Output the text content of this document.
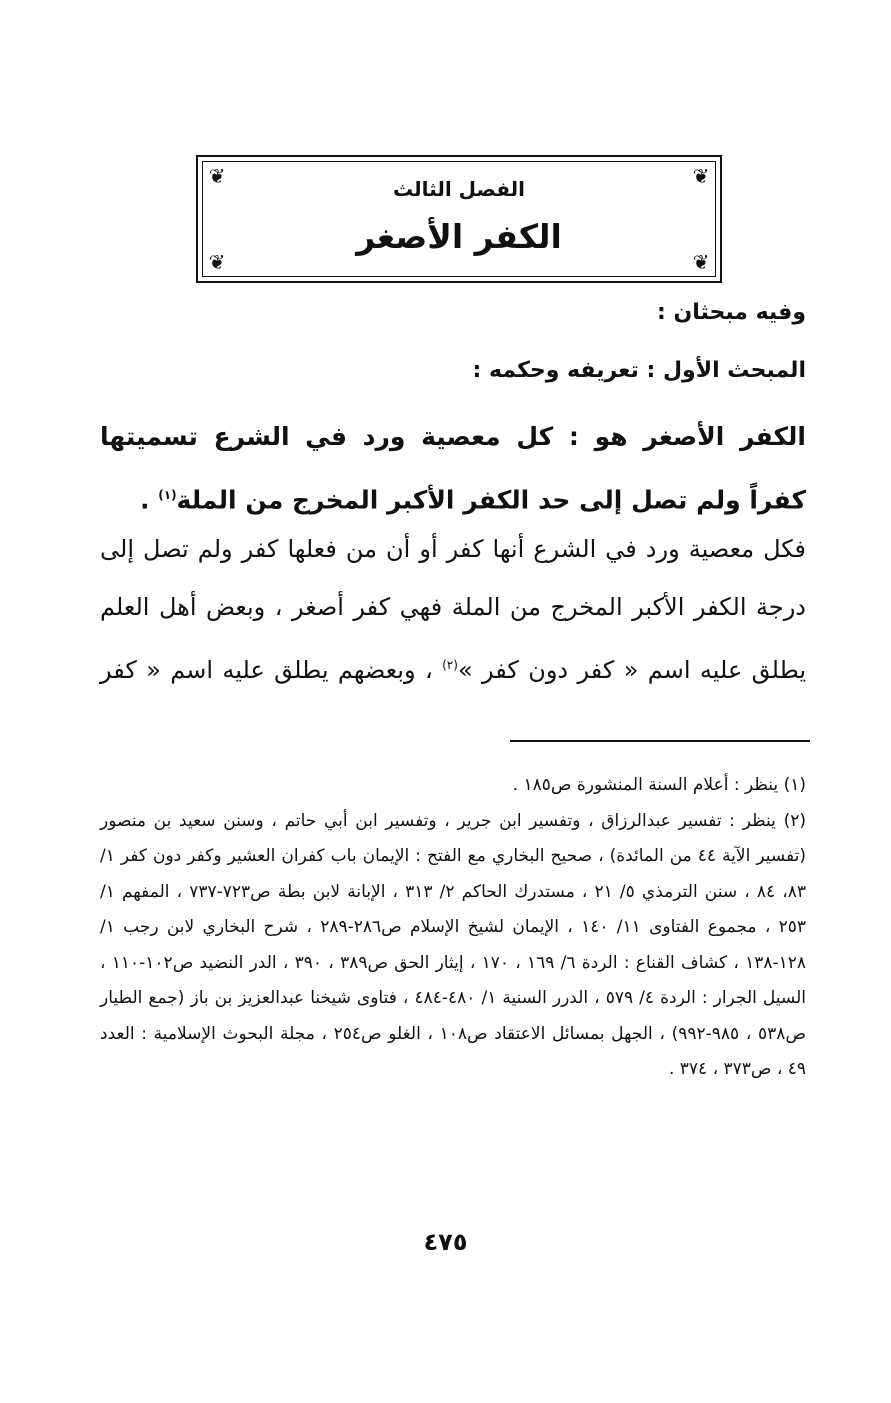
❦	❦
❦	❦
الفصل الثالث
الكفر الأصغر
وفيه مبحثان :
المبحث الأول : تعريفه وحكمه :
الكفر الأصغر هو : كل معصية ورد في الشرع تسميتها كفراً ولم تصل إلى حد الكفر الأكبر المخرج من الملة$^{(١)}$ .
فكل معصية ورد في الشرع أنها كفر أو أن من فعلها كفر ولم تصل إلى درجة الكفر الأكبر المخرج من الملة فهي كفر أصغر ، وبعض أهل العلم يطلق عليه اسم « كفر دون كفر »$^{(٢)}$ ، وبعضهم يطلق عليه اسم « كفر

(١) ينظر : أعلام السنة المنشورة ص١٨٥ .

(٢) ينظر : تفسير عبدالرزاق ، وتفسير ابن جرير ، وتفسير ابن أبي حاتم ، وسنن سعيد بن منصور (تفسير الآية ٤٤ من المائدة) ، صحيح البخاري مع الفتح : الإيمان باب كفران العشير وكفر دون كفر ١/ ٨٣، ٨٤ ، سنن الترمذي ٥/ ٢١ ، مستدرك الحاكم ٢/ ٣١٣ ، الإبانة لابن بطة ص٧٢٣-٧٣٧ ، المفهم ١/ ٢٥٣ ، مجموع الفتاوى ١١/ ١٤٠ ، الإيمان لشيخ الإسلام ص٢٨٦-٢٨٩ ، شرح البخاري لابن رجب ١/ ١٢٨-١٣٨ ، كشاف القناع : الردة ٦/ ١٦٩ ، ١٧٠ ، إيثار الحق ص٣٨٩ ، ٣٩٠ ، الدر النضيد ص١٠٢-١١٠ ، السيل الجرار : الردة ٤/ ٥٧٩ ، الدرر السنية ١/ ٤٨٠-٤٨٤ ، فتاوى شيخنا عبدالعزيز بن باز (جمع الطيار ص٥٣٨ ، ٩٨٥-٩٩٢) ، الجهل بمسائل الاعتقاد ص١٠٨ ، الغلو ص٢٥٤ ، مجلة البحوث الإسلامية : العدد ٤٩ ، ص٣٧٣ ، ٣٧٤ .

٤٧٥
